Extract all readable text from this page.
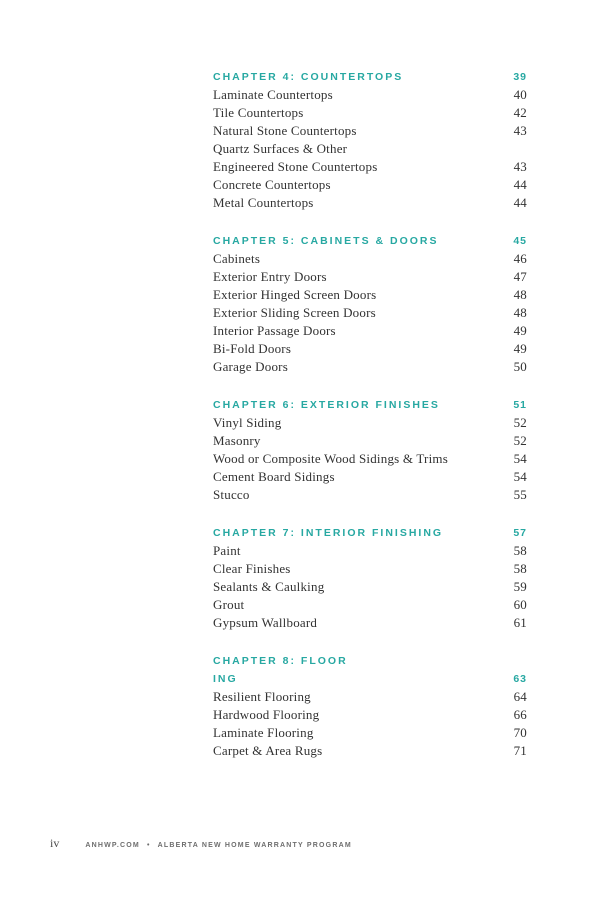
CHAPTER 4: COUNTERTOPS	39
Laminate Countertops	40
Tile Countertops	42
Natural Stone Countertops	43
Quartz Surfaces & Other
Engineered Stone Countertops	43
Concrete Countertops	44
Metal Countertops	44
CHAPTER 5: CABINETS & DOORS	45
Cabinets	46
Exterior Entry Doors	47
Exterior Hinged Screen Doors	48
Exterior Sliding Screen Doors	48
Interior Passage Doors	49
Bi-Fold Doors	49
Garage Doors	50
CHAPTER 6: EXTERIOR FINISHES	51
Vinyl Siding	52
Masonry	52
Wood or Composite Wood Sidings & Trims	54
Cement Board Sidings	54
Stucco	55
CHAPTER 7: INTERIOR FINISHING	57
Paint	58
Clear Finishes	58
Sealants & Caulking	59
Grout	60
Gypsum Wallboard	61
CHAPTER 8: FLOOR
ING	63
Resilient Flooring	64
Hardwood Flooring	66
Laminate Flooring	70
Carpet & Area Rugs	71
iv	ANHWP.COM • ALBERTA NEW HOME WARRANTY PROGRAM
